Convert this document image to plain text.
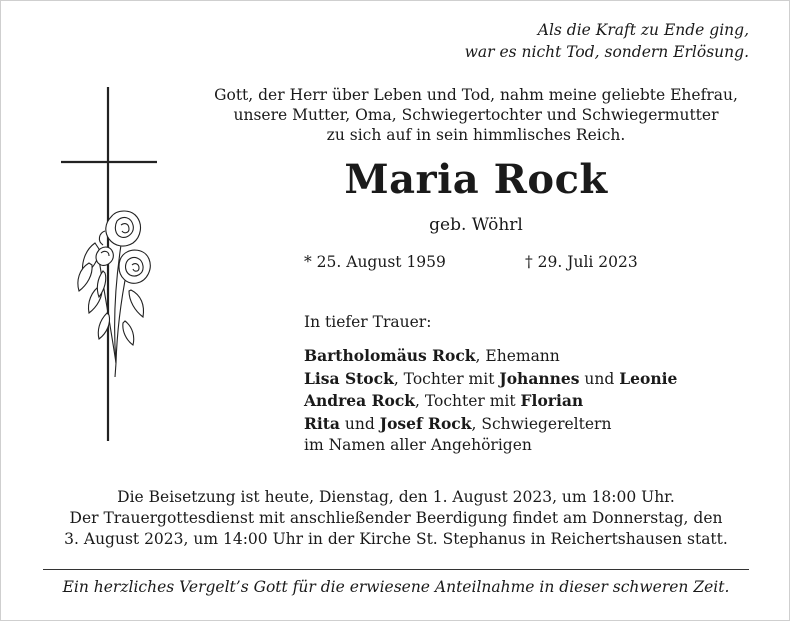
Als die Kraft zu Ende ging,
war es nicht Tod, sondern Erlösung.
Gott, der Herr über Leben und Tod, nahm meine geliebte Ehefrau,
unsere Mutter, Oma, Schwiegertochter und Schwiegermutter
zu sich auf in sein himmlisches Reich.
Maria Rock
geb. Wöhrl
* 25. August 1959	† 29. Juli 2023
In tiefer Trauer:
Bartholomäus Rock, Ehemann
Lisa Stock, Tochter mit Johannes und Leonie
Andrea Rock, Tochter mit Florian
Rita und Josef Rock, Schwiegereltern
im Namen aller Angehörigen
Die Beisetzung ist heute, Dienstag, den 1. August 2023, um 18:00 Uhr.
Der Trauergottesdienst mit anschließender Beerdigung findet am Donnerstag, den
3. August 2023, um 14:00 Uhr in der Kirche St. Stephanus in Reichertshausen statt.
Ein herzliches Vergelt’s Gott für die erwiesene Anteilnahme in dieser schweren Zeit.
